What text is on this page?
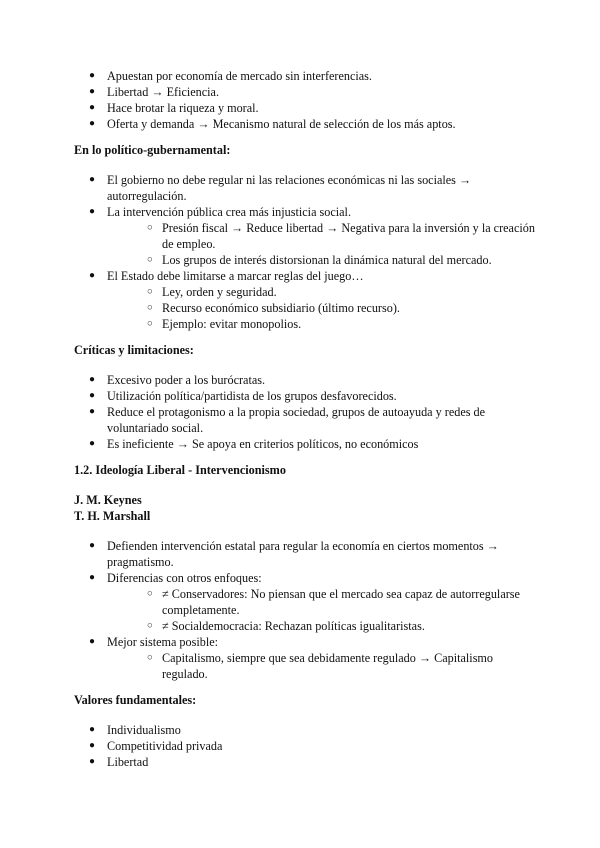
● Apuestan por economía de mercado sin interferencias.
● Libertad → Eficiencia.
● Hace brotar la riqueza y moral.
● Oferta y demanda → Mecanismo natural de selección de los más aptos.
En lo político-gubernamental:
● El gobierno no debe regular ni las relaciones económicas ni las sociales → autorregulación.
● La intervención pública crea más injusticia social.
○ Presión fiscal → Reduce libertad → Negativa para la inversión y la creación de empleo.
○ Los grupos de interés distorsionan la dinámica natural del mercado.
● El Estado debe limitarse a marcar reglas del juego…
○ Ley, orden y seguridad.
○ Recurso económico subsidiario (último recurso).
○ Ejemplo: evitar monopolios.
Críticas y limitaciones:
● Excesivo poder a los burócratas.
● Utilización política/partidista de los grupos desfavorecidos.
● Reduce el protagonismo a la propia sociedad, grupos de autoayuda y redes de voluntariado social.
● Es ineficiente → Se apoya en criterios políticos, no económicos
1.2. Ideología Liberal - Intervencionismo
J. M. Keynes
T. H. Marshall
● Defienden intervención estatal para regular la economía en ciertos momentos → pragmatismo.
● Diferencias con otros enfoques:
○ ≠ Conservadores: No piensan que el mercado sea capaz de autorregularse completamente.
○ ≠ Socialdemocracia: Rechazan políticas igualitaristas.
● Mejor sistema posible:
○ Capitalismo, siempre que sea debidamente regulado → Capitalismo regulado.
Valores fundamentales:
● Individualismo
● Competitividad privada
● Libertad
